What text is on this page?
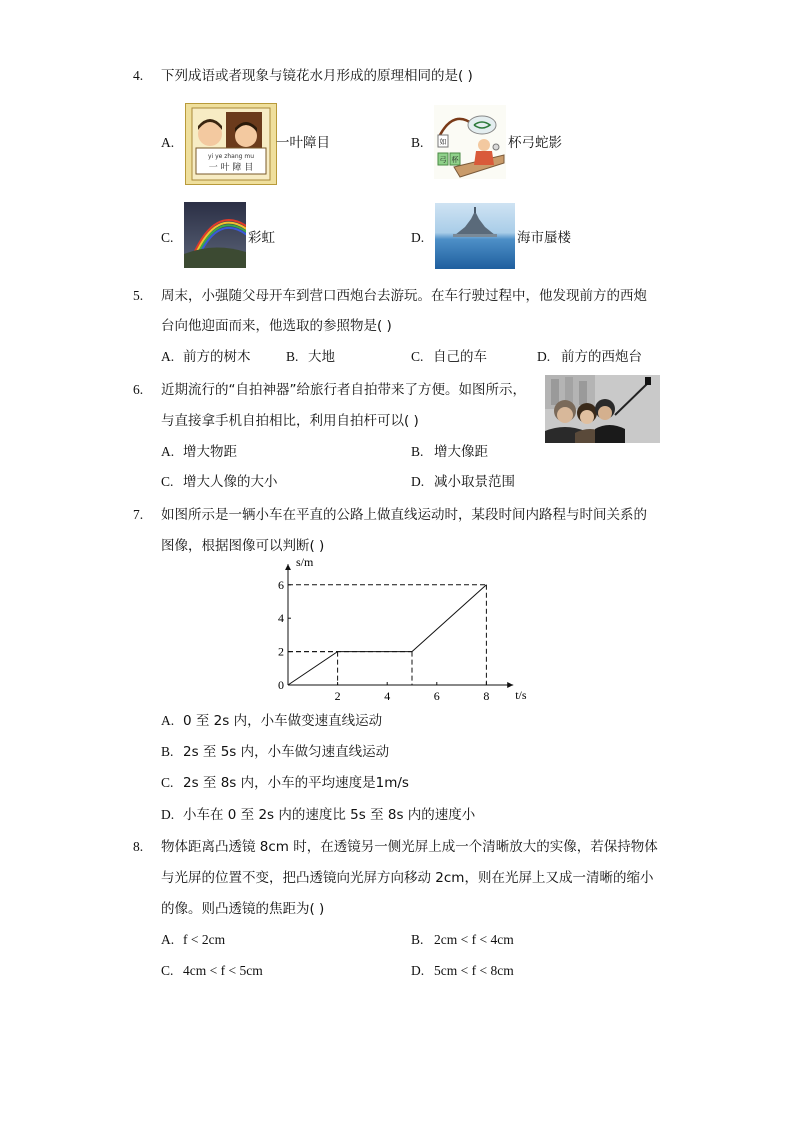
4. 下列成语或者现象与镜花水月形成的原理相同的是( )
A.
yi ye zhang mu
一 叶 障 目
一叶障目	B. 如
弓 杯
杯弓蛇影
C.	彩虹	D.	海市蜃楼
5. 周末，小强随父母开车到营口西炮台去游玩。在车行驶过程中，他发现前方的西炮
台向他迎面而来，他选取的参照物是( )
A. 前方的树木	B. 大地	C. 自己的车	D. 前方的西炮台
6. 近期流行的“自拍神器”给旅行者自拍带来了方便。如图所示，
与直接拿手机自拍相比，利用自拍杆可以( )
A. 增大物距	B. 增大像距
C. 增大人像的大小	D. 减小取景范围
7. 如图所示是一辆小车在平直的公路上做直线运动时，某段时间内路程与时间关系的
图像，根据图像可以判断( )
t/s
s/m
0
2	4	6	8
2
4
6
A. 0 至 2s 内，小车做变速直线运动
B. 2s 至 5s 内，小车做匀速直线运动
C. 2s 至 8s 内，小车的平均速度是1m/s
D. 小车在 0 至 2s 内的速度比 5s 至 8s 内的速度小
8. 物体距离凸透镜 8cm 时，在透镜另一侧光屏上成一个清晰放大的实像，若保持物体
与光屏的位置不变，把凸透镜向光屏方向移动 2cm，则在光屏上又成一清晰的缩小
的像。则凸透镜的焦距为( )
A. f < 2cm	B. 2cm < f < 4cm
C. 4cm < f < 5cm	D. 5cm < f < 8cm
